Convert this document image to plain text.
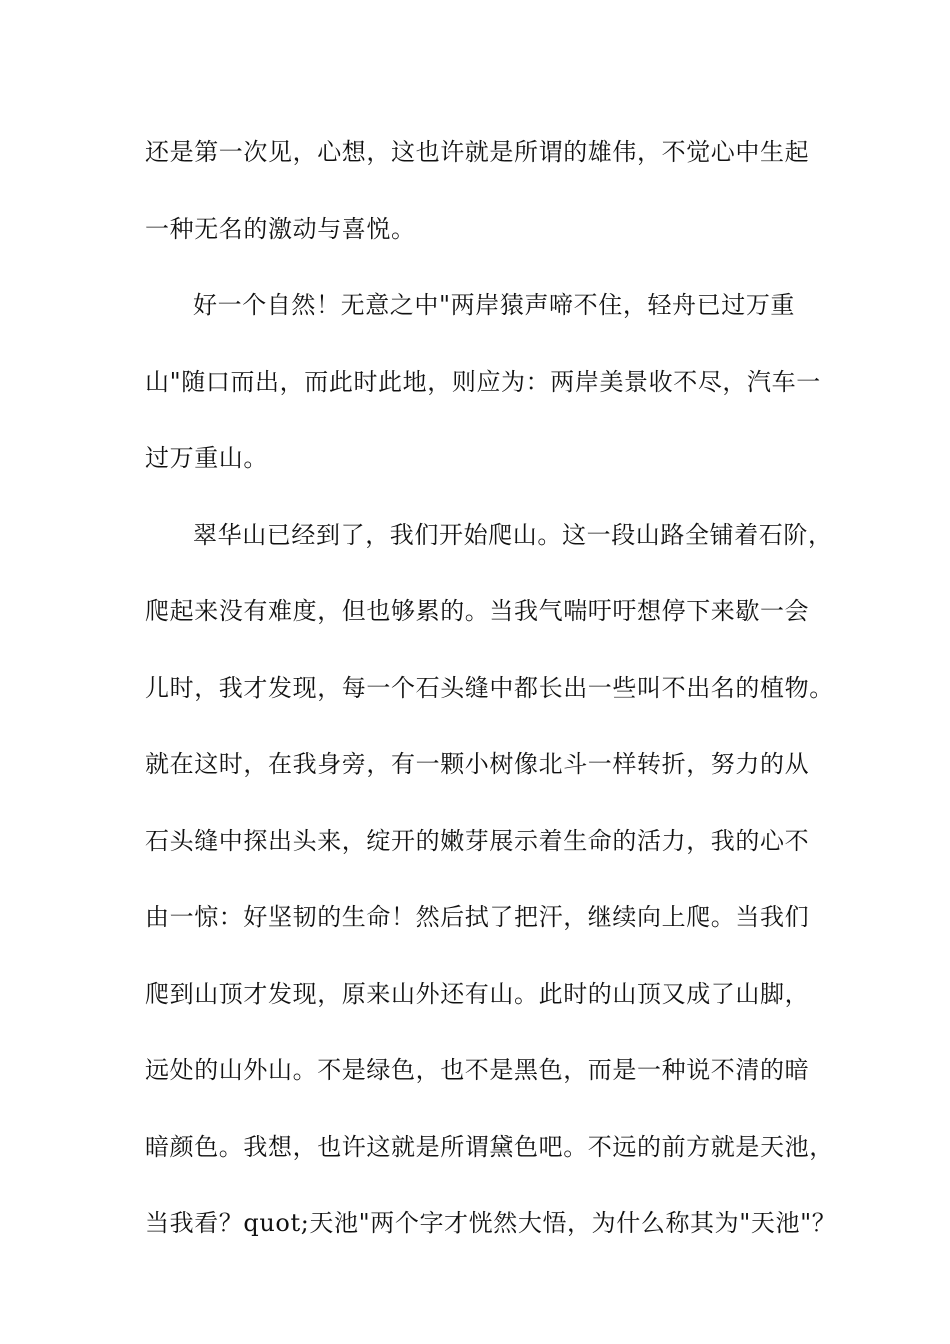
还是第一次见，心想，这也许就是所谓的雄伟，不觉心中生起
一种无名的激动与喜悦。
好一个自然！无意之中"两岸猿声啼不住，轻舟已过万重
山"随口而出，而此时此地，则应为：两岸美景收不尽，汽车一
过万重山。
翠华山已经到了，我们开始爬山。这一段山路全铺着石阶，
爬起来没有难度，但也够累的。当我气喘吁吁想停下来歇一会
儿时，我才发现，每一个石头缝中都长出一些叫不出名的植物。
就在这时，在我身旁，有一颗小树像北斗一样转折，努力的从
石头缝中探出头来，绽开的嫩芽展示着生命的活力，我的心不
由一惊：好坚韧的生命！然后拭了把汗，继续向上爬。当我们
爬到山顶才发现，原来山外还有山。此时的山顶又成了山脚，
远处的山外山。不是绿色，也不是黑色，而是一种说不清的暗
暗颜色。我想，也许这就是所谓黛色吧。不远的前方就是天池，
当我看？quot;天池"两个字才恍然大悟，为什么称其为"天池"？
